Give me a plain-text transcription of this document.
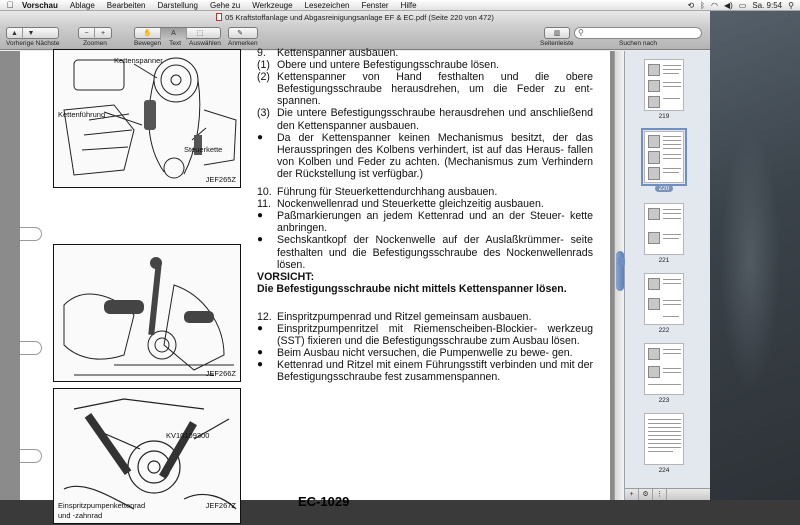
Vorschau	Ablage	Bearbeiten	Darstellung	Gehe zu	Werkzeuge	Lesezeichen	Fenster	Hilfe	⟲ ᛒ ◠ ◀) ▭ Sa. 9:54 ⚲
05 Kraftstoffanlage und Abgasreinigungsanlage EF & EC.pdf (Seite 220 von 472)
▲	▼
Vorherige Nächste
−	+
Zoomen
✋	A	⬚
Bewegen Text Auswählen
✎
Anmerken
▥
Seitenleiste
⚲
Suchen nach
Kettenspanner
Kettenführung
Steuerkette
JEF265Z
JEF266Z
KV10109300
Einspritzpumpenkettenrad
und -zahnrad
JEF267Z
9. Kettenspanner ausbauen.
(1) Obere und untere Befestigungsschraube lösen.
(2) Kettenspanner von Hand festhalten und die obere Befestigungsschraube herausdrehen, um die Feder zu ent- spannen.
(3) Die untere Befestigungsschraube herausdrehen und anschließend den Kettenspanner ausbauen.
● Da der Kettenspanner keinen Mechanismus besitzt, der das Herausspringen des Kolbens verhindert, ist auf das Heraus- fallen von Kolben und Feder zu achten. (Mechanismus zum Verhindern der Rückstellung ist verfügbar.)
10. Führung für Steuerkettendurchhang ausbauen.
11. Nockenwellenrad und Steuerkette gleichzeitig ausbauen.
● Paßmarkierungen an jedem Kettenrad und an der Steuer- kette anbringen.
● Sechskantkopf der Nockenwelle auf der Auslaßkrümmer- seite festhalten und die Befestigungsschraube des Nockenwellenrads lösen.
VORSICHT:
Die Befestigungsschraube nicht mittels Kettenspanner lösen.
12. Einspritzpumpenrad und Ritzel gemeinsam ausbauen.
● Einspritzpumpenritzel mit Riemenscheiben-Blockier- werkzeug (SST) fixieren und die Befestigungsschraube zum Ausbau lösen.
● Beim Ausbau nicht versuchen, die Pumpenwelle zu bewe- gen.
● Kettenrad und Ritzel mit einem Führungsstift verbinden und mit der Befestigungsschraube fest zusammenspannen.
EC-1029
219
220
221
222
223
224
+	⚙	⋮
